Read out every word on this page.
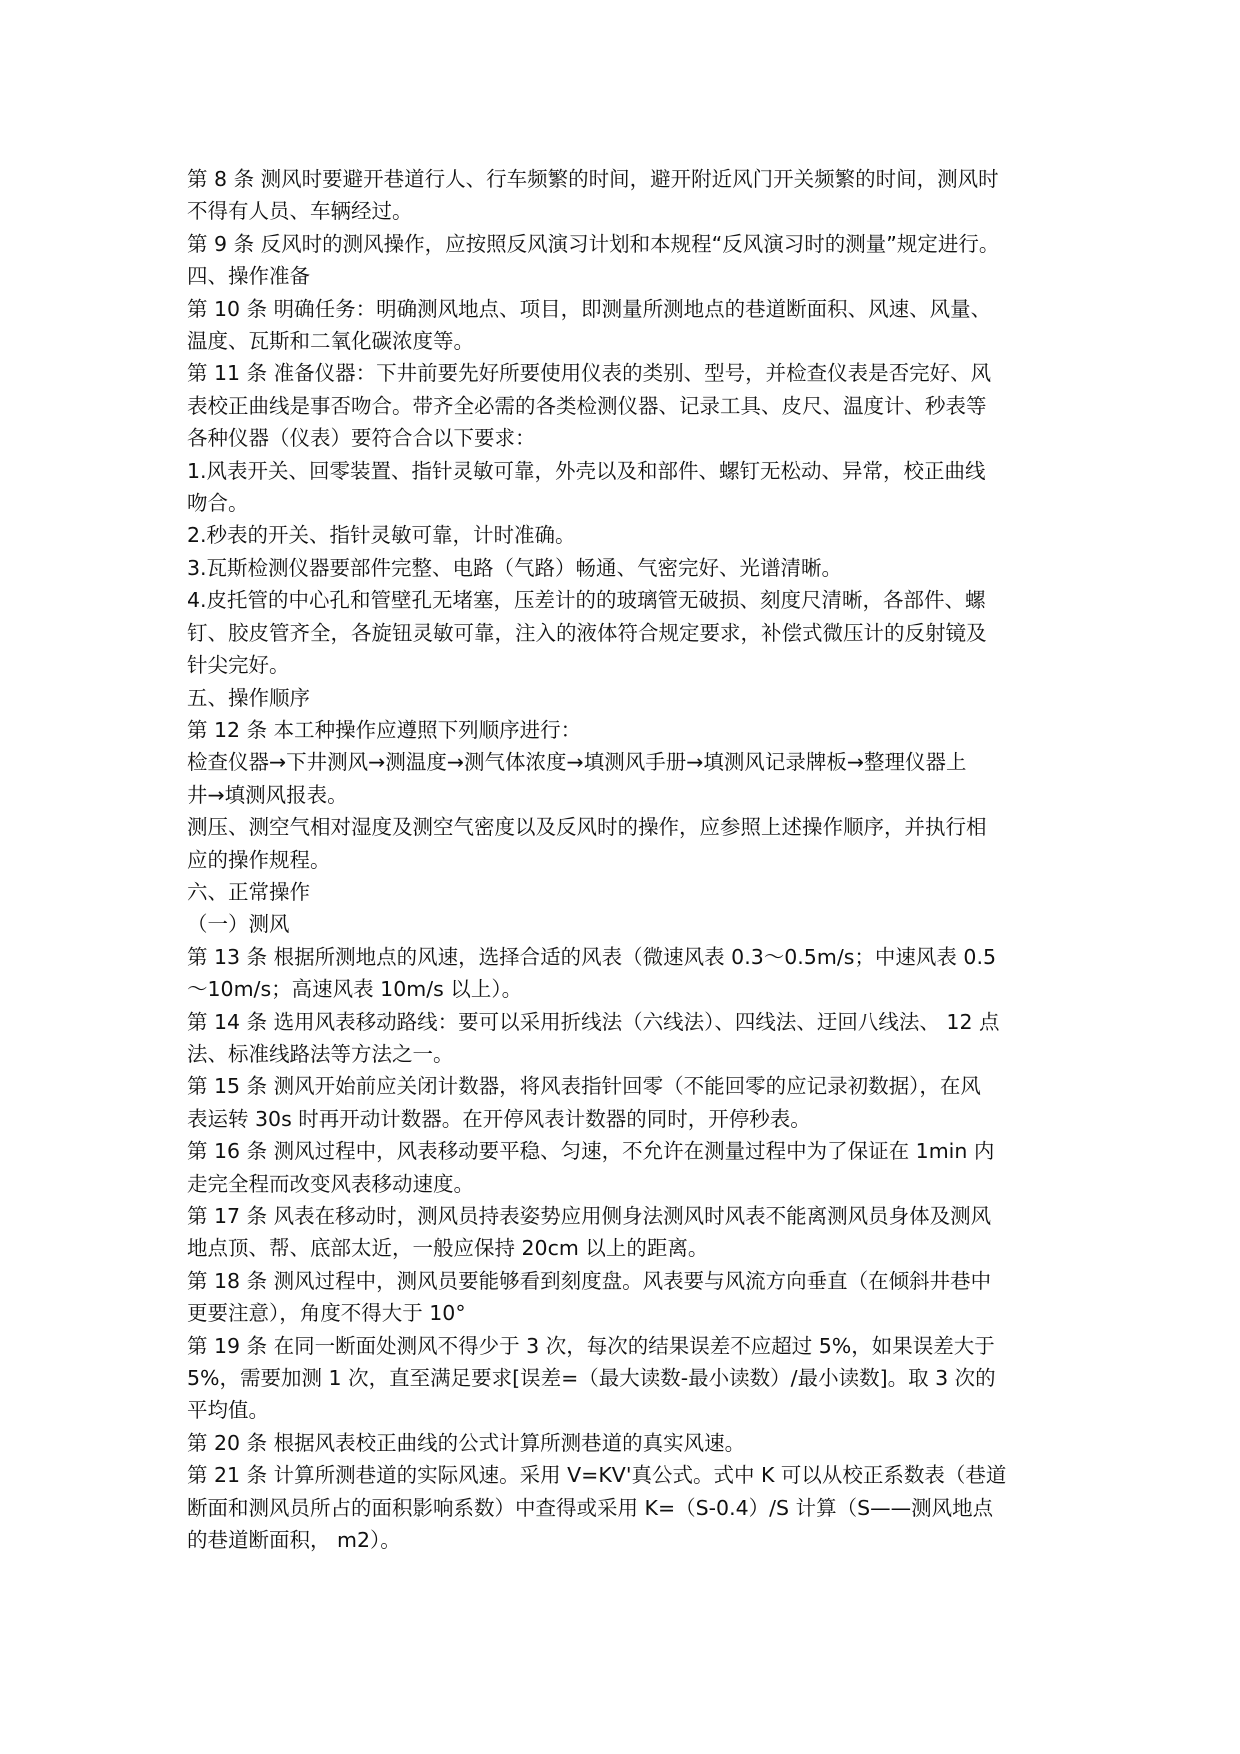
第 8 条 测风时要避开巷道行人、行车频繁的时间，避开附近风门开关频繁的时间，测风时

不得有人员、车辆经过。

第 9 条 反风时的测风操作，应按照反风演习计划和本规程“反风演习时的测量”规定进行。

四、操作准备

第 10 条 明确任务：明确测风地点、项目，即测量所测地点的巷道断面积、风速、风量、

温度、瓦斯和二氧化碳浓度等。

第 11 条 准备仪器：下井前要先好所要使用仪表的类别、型号，并检查仪表是否完好、风

表校正曲线是事否吻合。带齐全必需的各类检测仪器、记录工具、皮尺、温度计、秒表等

各种仪器（仪表）要符合合以下要求：

1.风表开关、回零装置、指针灵敏可靠，外壳以及和部件、螺钉无松动、异常，校正曲线

吻合。

2.秒表的开关、指针灵敏可靠，计时准确。

3.瓦斯检测仪器要部件完整、电路（气路）畅通、气密完好、光谱清晰。

4.皮托管的中心孔和管壁孔无堵塞，压差计的的玻璃管无破损、刻度尺清晰，各部件、螺

钉、胶皮管齐全，各旋钮灵敏可靠，注入的液体符合规定要求，补偿式微压计的反射镜及

针尖完好。

五、操作顺序

第 12 条 本工种操作应遵照下列顺序进行：

检查仪器→下井测风→测温度→测气体浓度→填测风手册→填测风记录牌板→整理仪器上

井→填测风报表。

测压、测空气相对湿度及测空气密度以及反风时的操作，应参照上述操作顺序，并执行相

应的操作规程。

六、正常操作

（一）测风

第 13 条 根据所测地点的风速，选择合适的风表（微速风表 0.3～0.5m/s；中速风表 0.5

～10m/s；高速风表 10m/s 以上）。

第 14 条 选用风表移动路线：要可以采用折线法（六线法）、四线法、迂回八线法、 12 点

法、标准线路法等方法之一。

第 15 条 测风开始前应关闭计数器，将风表指针回零（不能回零的应记录初数据），在风

表运转 30s 时再开动计数器。在开停风表计数器的同时，开停秒表。

第 16 条 测风过程中，风表移动要平稳、匀速，不允许在测量过程中为了保证在 1min 内

走完全程而改变风表移动速度。

第 17 条 风表在移动时，测风员持表姿势应用侧身法测风时风表不能离测风员身体及测风

地点顶、帮、底部太近，一般应保持 20cm 以上的距离。

第 18 条 测风过程中，测风员要能够看到刻度盘。风表要与风流方向垂直（在倾斜井巷中

更要注意），角度不得大于 10°

第 19 条 在同一断面处测风不得少于 3 次，每次的结果误差不应超过 5%，如果误差大于

5%，需要加测 1 次，直至满足要求[误差=（最大读数-最小读数）/最小读数]。取 3 次的

平均值。

第 20 条 根据风表校正曲线的公式计算所测巷道的真实风速。

第 21 条 计算所测巷道的实际风速。采用 V=KV'真公式。式中 K 可以从校正系数表（巷道

断面和测风员所占的面积影响系数）中查得或采用 K=（S-0.4）/S 计算（S——测风地点

的巷道断面积， m2）。
